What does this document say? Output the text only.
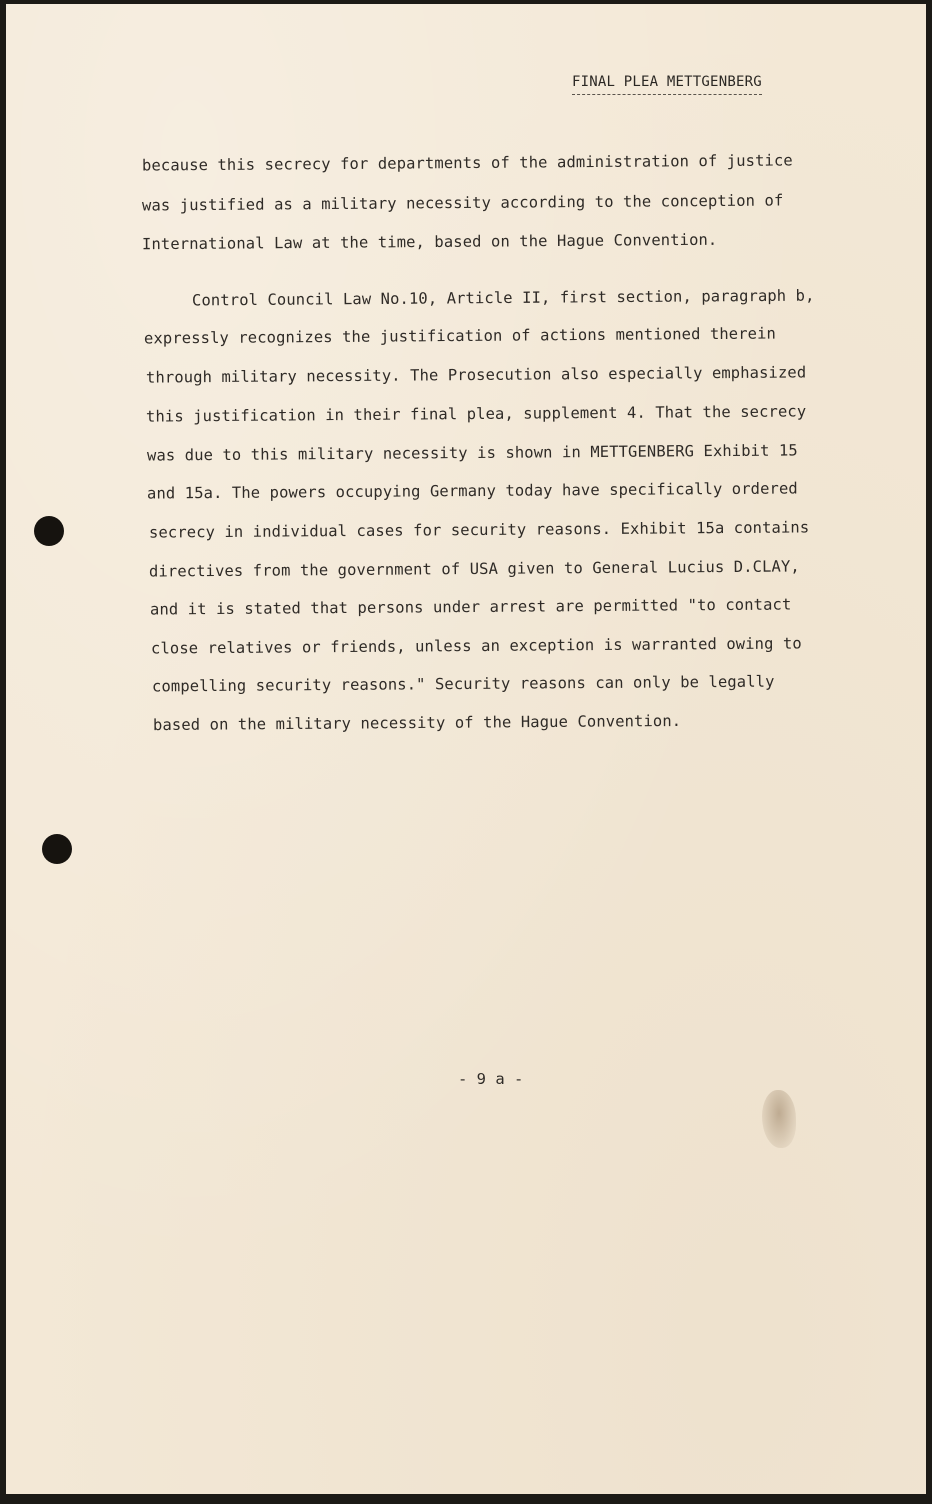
FINAL PLEA METTGENBERG
because this secrecy for departments of the administration of justice
was justified as a military necessity according to the conception of
International Law at the time, based on the Hague Convention.
Control Council Law No.10, Article II, first section, paragraph b,
expressly recognizes the justification of actions mentioned therein
through military necessity. The Prosecution also especially emphasized
this justification in their final plea, supplement 4. That the secrecy
was due to this military necessity is shown in METTGENBERG Exhibit 15
and 15a. The powers occupying Germany today have specifically ordered
secrecy in individual cases for security reasons. Exhibit 15a contains
directives from the government of USA given to General Lucius D.CLAY,
and it is stated that persons under arrest are permitted "to contact
close relatives or friends, unless an exception is warranted owing to
compelling security reasons." Security reasons can only be legally
based on the military necessity of the Hague Convention.
- 9 a -
